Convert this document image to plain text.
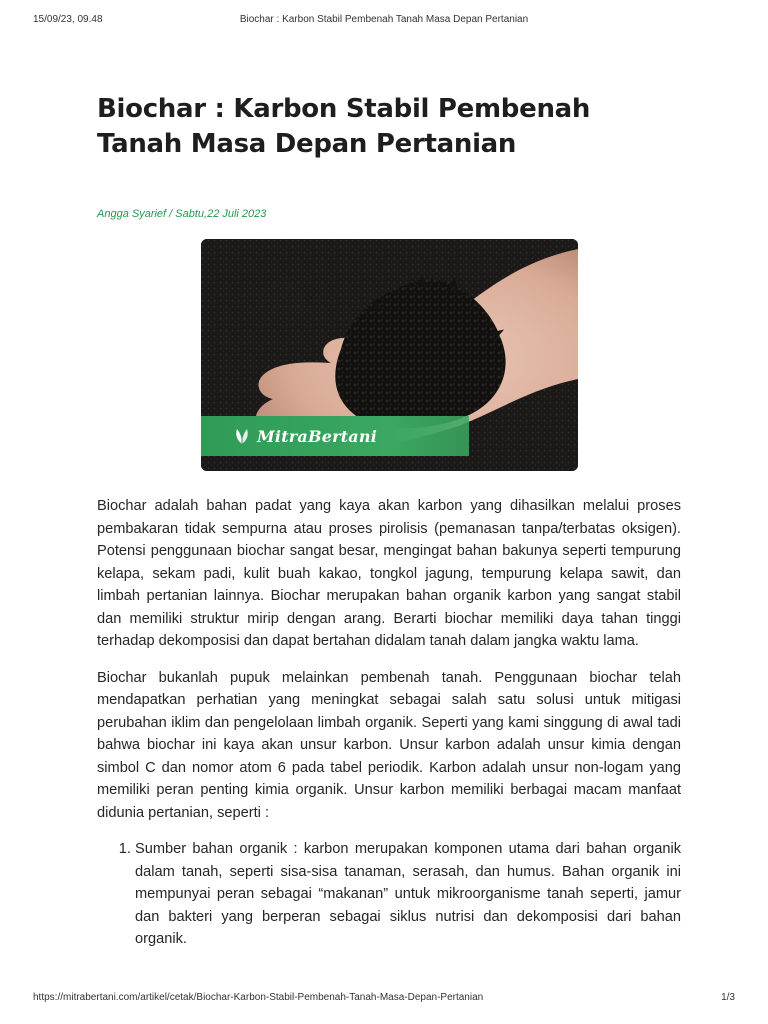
15/09/23, 09.48	Biochar : Karbon Stabil Pembenah Tanah Masa Depan Pertanian
Biochar : Karbon Stabil Pembenah
Tanah Masa Depan Pertanian
Angga Syarief / Sabtu,22 Juli 2023
MitraBertani

Biochar adalah bahan padat yang kaya akan karbon yang dihasilkan melalui proses pembakaran tidak sempurna atau proses pirolisis (pemanasan tanpa/terbatas oksigen). Potensi penggunaan biochar sangat besar, mengingat bahan bakunya seperti tempurung kelapa, sekam padi, kulit buah kakao, tongkol jagung, tempurung kelapa sawit, dan limbah pertanian lainnya. Biochar merupakan bahan organik karbon yang sangat stabil dan memiliki struktur mirip dengan arang. Berarti biochar memiliki daya tahan tinggi terhadap dekomposisi dan dapat bertahan didalam tanah dalam jangka waktu lama.

Biochar bukanlah pupuk melainkan pembenah tanah. Penggunaan biochar telah mendapatkan perhatian yang meningkat sebagai salah satu solusi untuk mitigasi perubahan iklim dan pengelolaan limbah organik. Seperti yang kami singgung di awal tadi bahwa biochar ini kaya akan unsur karbon. Unsur karbon adalah unsur kimia dengan simbol C dan nomor atom 6 pada tabel periodik. Karbon adalah unsur non-logam yang memiliki peran penting kimia organik. Unsur karbon memiliki berbagai macam manfaat didunia pertanian, seperti :

1. Sumber bahan organik : karbon merupakan komponen utama dari bahan organik dalam tanah, seperti sisa-sisa tanaman, serasah, dan humus. Bahan organik ini mempunyai peran sebagai “makanan” untuk mikroorganisme tanah seperti, jamur dan bakteri yang berperan sebagai siklus nutrisi dan dekomposisi dari bahan organik.
https://mitrabertani.com/artikel/cetak/Biochar-Karbon-Stabil-Pembenah-Tanah-Masa-Depan-Pertanian	1/3
